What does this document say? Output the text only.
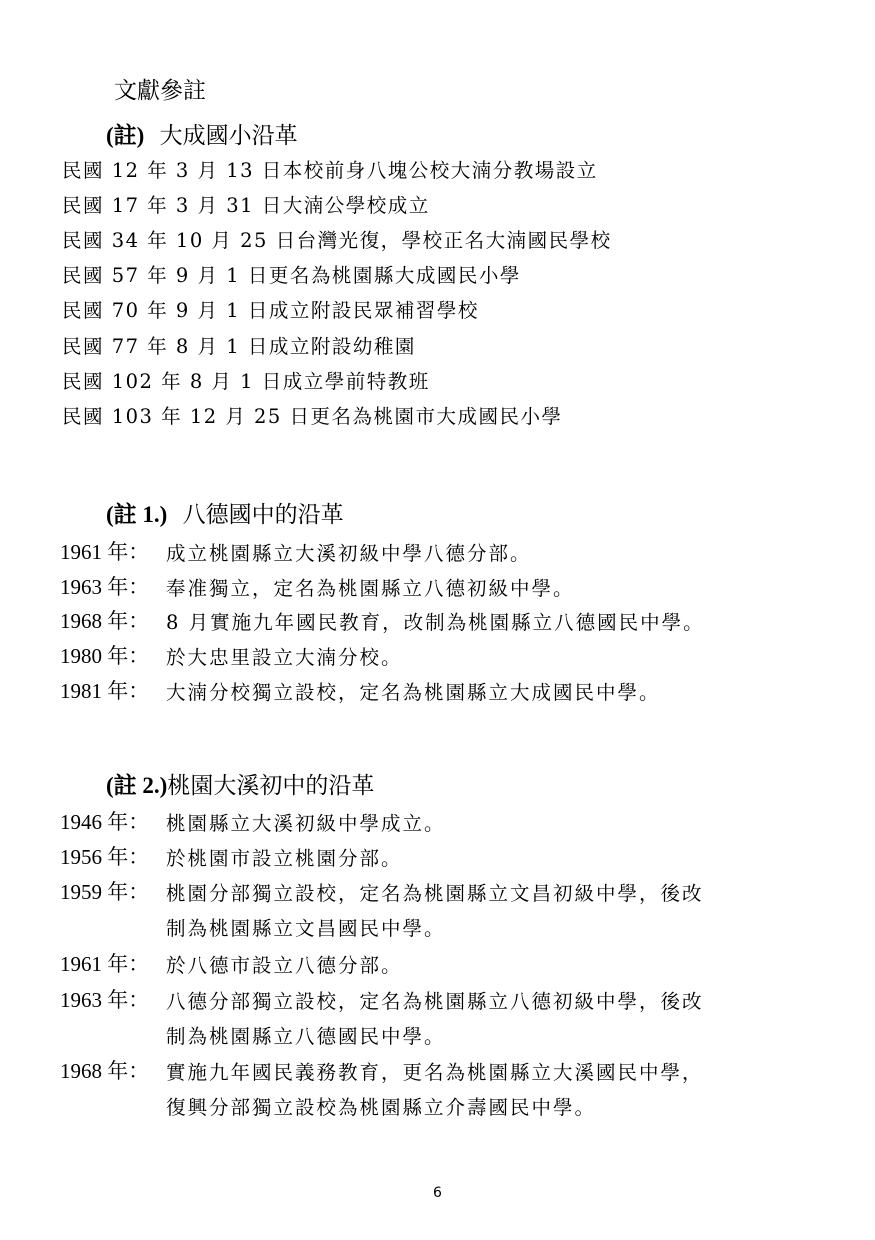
文獻參註
(註) 大成國小沿革
民國 12 年 3 月 13 日本校前身八塊公校大湳分教場設立
民國 17 年 3 月 31 日大湳公學校成立
民國 34 年 10 月 25 日台灣光復，學校正名大湳國民學校
民國 57 年 9 月 1 日更名為桃園縣大成國民小學
民國 70 年 9 月 1 日成立附設民眾補習學校
民國 77 年 8 月 1 日成立附設幼稚園
民國 102 年 8 月 1 日成立學前特教班
民國 103 年 12 月 25 日更名為桃園市大成國民小學
(註 1.) 八德國中的沿革
1961 年： 成立桃園縣立大溪初級中學八德分部。
1963 年： 奉准獨立，定名為桃園縣立八德初級中學。
1968 年： 8 月實施九年國民教育，改制為桃園縣立八德國民中學。
1980 年： 於大忠里設立大湳分校。
1981 年： 大湳分校獨立設校，定名為桃園縣立大成國民中學。
(註 2.)桃園大溪初中的沿革
1946 年： 桃園縣立大溪初級中學成立。
1956 年： 於桃園市設立桃園分部。
1959 年： 桃園分部獨立設校，定名為桃園縣立文昌初級中學，後改
制為桃園縣立文昌國民中學。
1961 年： 於八德市設立八德分部。
1963 年： 八德分部獨立設校，定名為桃園縣立八德初級中學，後改
制為桃園縣立八德國民中學。
1968 年： 實施九年國民義務教育，更名為桃園縣立大溪國民中學，
復興分部獨立設校為桃園縣立介壽國民中學。
6
